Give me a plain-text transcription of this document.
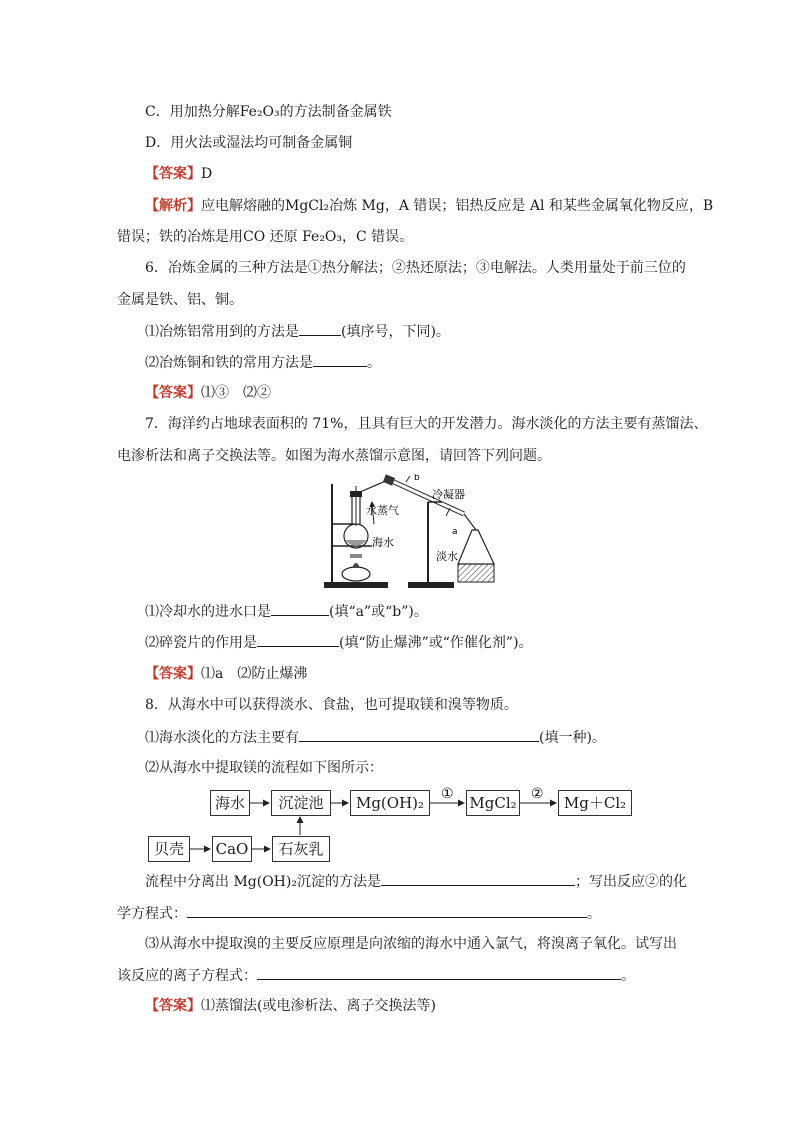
C．用加热分解Fe₂O₃的方法制备金属铁
D．用火法或湿法均可制备金属铜
【答案】D
【解析】应电解熔融的MgCl₂冶炼 Mg，A 错误；铝热反应是 Al 和某些金属氧化物反应，B
错误；铁的冶炼是用CO 还原 Fe₂O₃，C 错误。
6．冶炼金属的三种方法是①热分解法；②热还原法；③电解法。人类用量处于前三位的
金属是铁、铝、铜。
⑴冶炼铝常用到的方法是	(填序号，下同)。
⑵冶炼铜和铁的常用方法是	。
【答案】⑴③　⑵②
7．海洋约占地球表面积的 71%，且具有巨大的开发潜力。海水淡化的方法主要有蒸馏法、
电渗析法和离子交换法等。如图为海水蒸馏示意图，请回答下列问题。
b
冷凝器
a
淡水
水蒸气
海水
⑴冷却水的进水口是	(填“a”或“b”)。
⑵碎瓷片的作用是	(填“防止爆沸”或“作催化剂”)。
【答案】⑴a　⑵防止爆沸
8．从海水中可以获得淡水、食盐，也可提取镁和溴等物质。
⑴海水淡化的方法主要有	(填一种)。
⑵从海水中提取镁的流程如下图所示：
海水	沉淀池	Mg(OH)₂	MgCl₂	Mg＋Cl₂
贝壳	CaO	石灰乳
①	②
流程中分离出 Mg(OH)₂沉淀的方法是	；写出反应②的化
学方程式：	。
⑶从海水中提取溴的主要反应原理是向浓缩的海水中通入氯气，将溴离子氧化。试写出
该反应的离子方程式：	。
【答案】⑴蒸馏法(或电渗析法、离子交换法等)
